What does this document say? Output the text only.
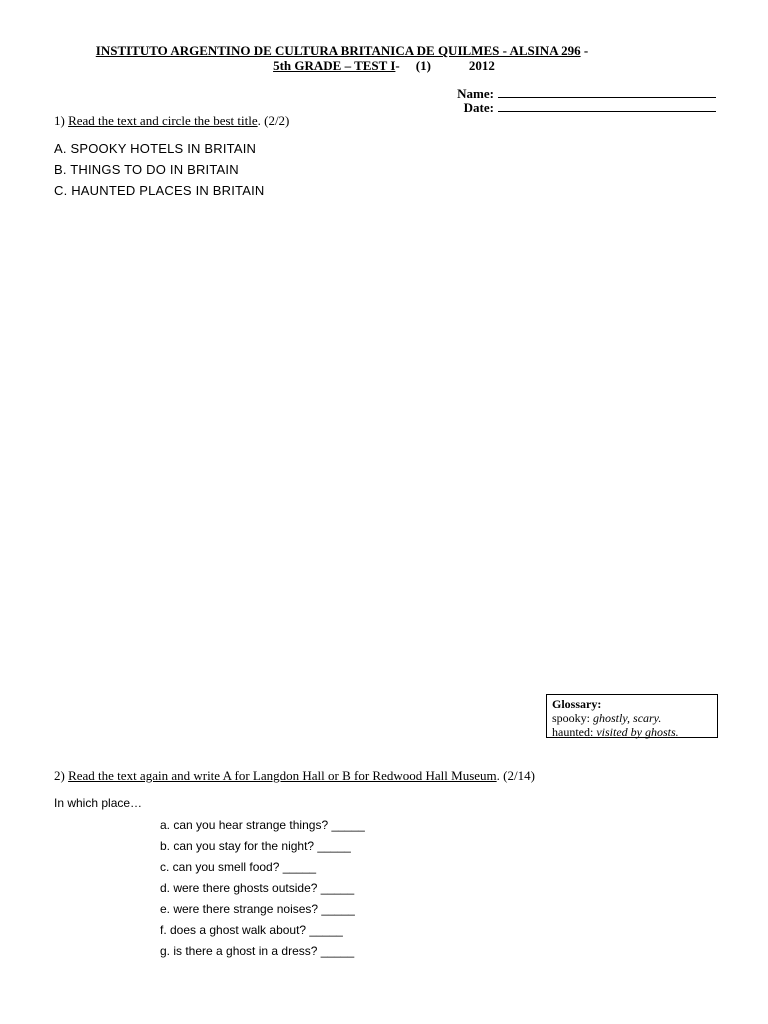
INSTITUTO ARGENTINO DE CULTURA BRITANICA DE QUILMES - ALSINA 296 -
5th GRADE – TEST I- (1)	2012
Name:
Date:
1) Read the text and circle the best title. (2/2)
A. SPOOKY HOTELS IN BRITAIN
B. THINGS TO DO IN BRITAIN
C. HAUNTED PLACES IN BRITAIN
Glossary:
spooky: ghostly, scary.
haunted: visited by ghosts.
2) Read the text again and write A for Langdon Hall or B for Redwood Hall Museum. (2/14)
In which place…
a. can you hear strange things? _____
b. can you stay for the night? _____
c. can you smell food? _____
d. were there ghosts outside? _____
e. were there strange noises? _____
f. does a ghost walk about? _____
g. is there a ghost in a dress? _____
